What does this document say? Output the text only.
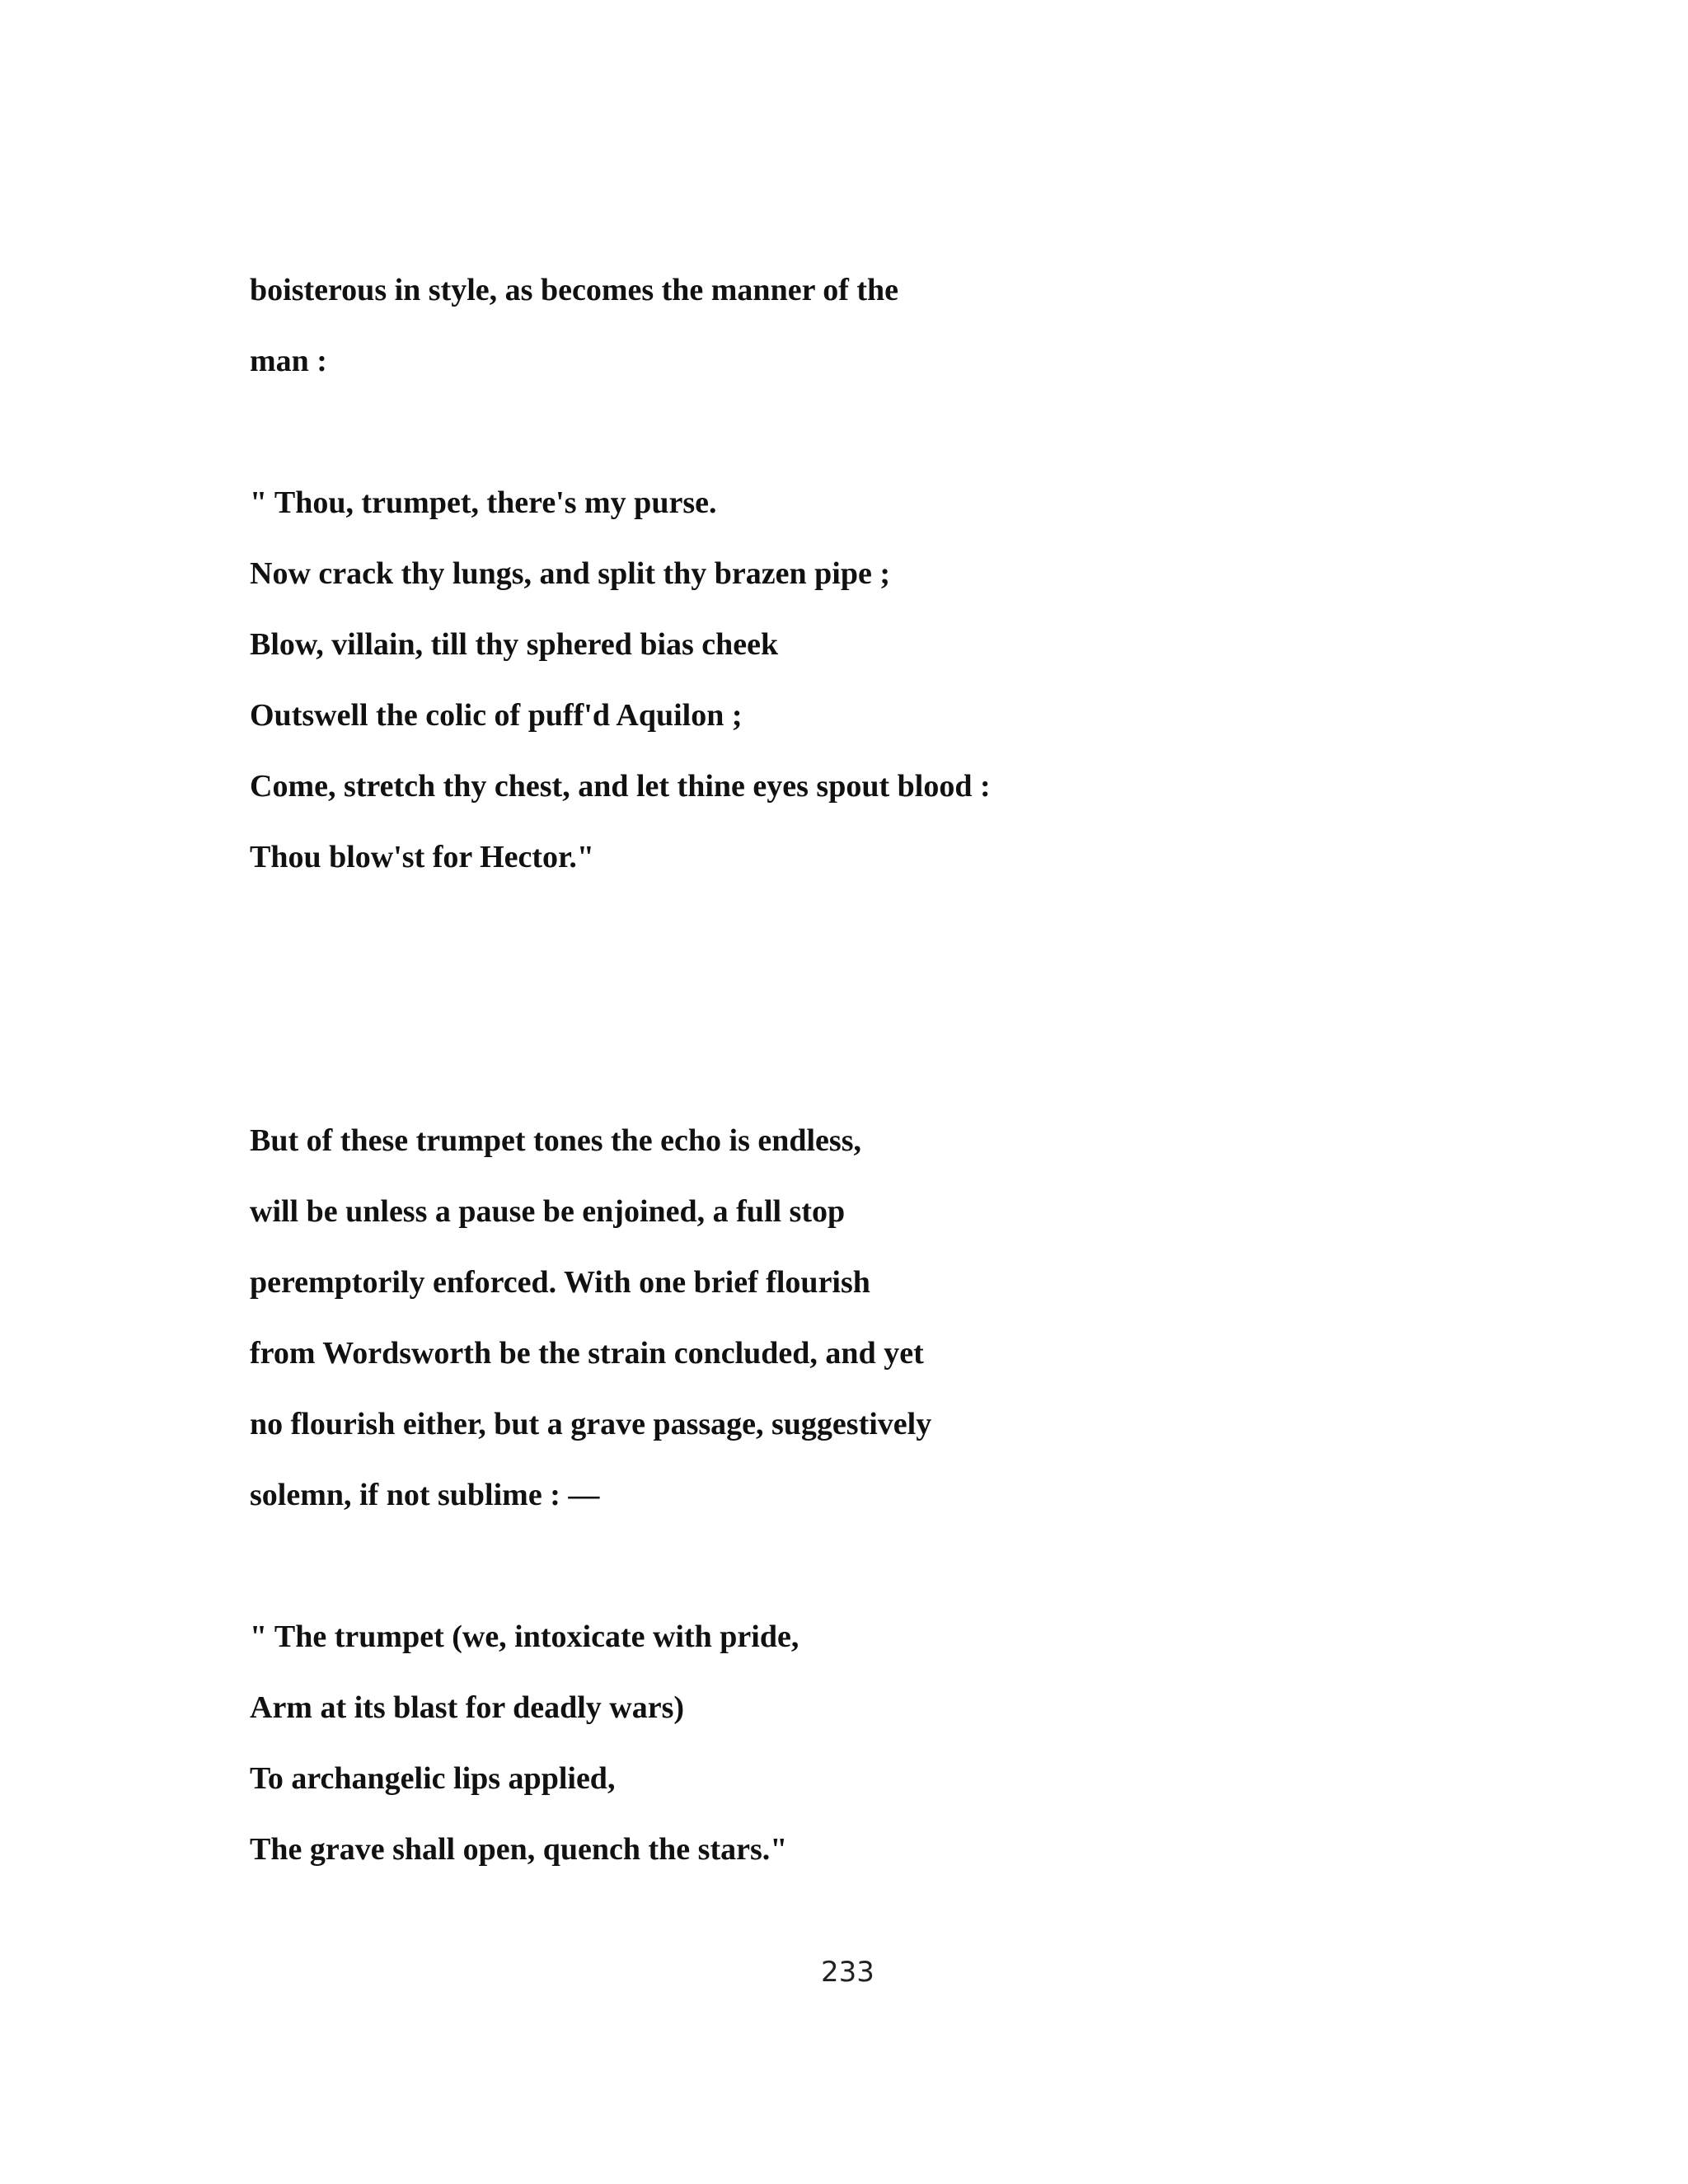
boisterous in style, as becomes the manner of the
man :
" Thou, trumpet, there's my purse.
Now crack thy lungs, and split thy brazen pipe ;
Blow, villain, till thy sphered bias cheek
Outswell the colic of puff'd Aquilon ;
Come, stretch thy chest, and let thine eyes spout blood :
Thou blow'st for Hector."
But of these trumpet tones the echo is endless,
will be unless a pause be enjoined, a full stop
peremptorily enforced. With one brief flourish
from Wordsworth be the strain concluded, and yet
no flourish either, but a grave passage, suggestively
solemn, if not sublime : —
" The trumpet (we, intoxicate with pride,
Arm at its blast for deadly wars)
To archangelic lips applied,
The grave shall open, quench the stars."
233
